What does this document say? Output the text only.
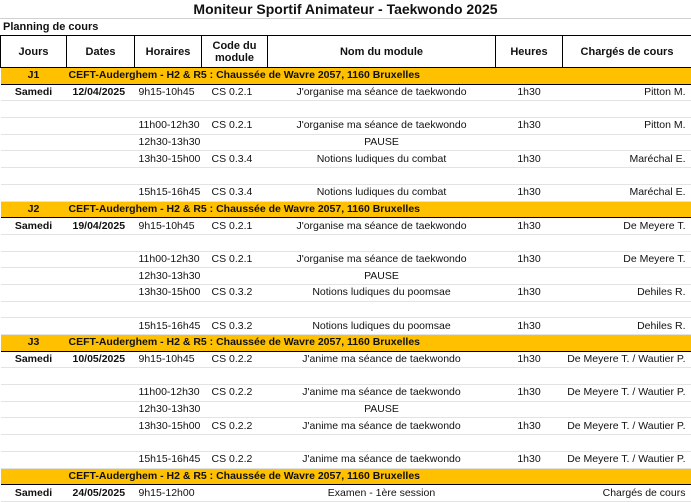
Moniteur Sportif Animateur - Taekwondo 2025
Planning de cours
Jours	Dates	Horaires	Code du module	Nom du module	Heures	Chargés de cours
J1	CEFT-Auderghem - H2 & R5 : Chaussée de Wavre 2057, 1160 Bruxelles					
Samedi	12/04/2025	9h15-10h45	CS 0.2.1	J'organise ma séance de taekwondo	1h30	Pitton M.

		11h00-12h30	CS 0.2.1	J'organise ma séance de taekwondo	1h30	Pitton M.
		12h30-13h30		PAUSE		
		13h30-15h00	CS 0.3.4	Notions ludiques du combat	1h30	Maréchal E.

		15h15-16h45	CS 0.3.4	Notions ludiques du combat	1h30	Maréchal E.
J2	CEFT-Auderghem - H2 & R5 : Chaussée de Wavre 2057, 1160 Bruxelles					
Samedi	19/04/2025	9h15-10h45	CS 0.2.1	J'organise ma séance de taekwondo	1h30	De Meyere T.

		11h00-12h30	CS 0.2.1	J'organise ma séance de taekwondo	1h30	De Meyere T.
		12h30-13h30		PAUSE		
		13h30-15h00	CS 0.3.2	Notions ludiques du poomsae	1h30	Dehiles R.

		15h15-16h45	CS 0.3.2	Notions ludiques du poomsae	1h30	Dehiles R.
J3	CEFT-Auderghem - H2 & R5 : Chaussée de Wavre 2057, 1160 Bruxelles					
Samedi	10/05/2025	9h15-10h45	CS 0.2.2	J'anime ma séance de taekwondo	1h30	De Meyere T. / Wautier P.

		11h00-12h30	CS 0.2.2	J'anime ma séance de taekwondo	1h30	De Meyere T. / Wautier P.
		12h30-13h30		PAUSE		
		13h30-15h00	CS 0.2.2	J'anime ma séance de taekwondo	1h30	De Meyere T. / Wautier P.

		15h15-16h45	CS 0.2.2	J'anime ma séance de taekwondo	1h30	De Meyere T. / Wautier P.
	CEFT-Auderghem - H2 & R5 : Chaussée de Wavre 2057, 1160 Bruxelles					
Samedi	24/05/2025	9h15-12h00		Examen - 1ère session		Chargés de cours
